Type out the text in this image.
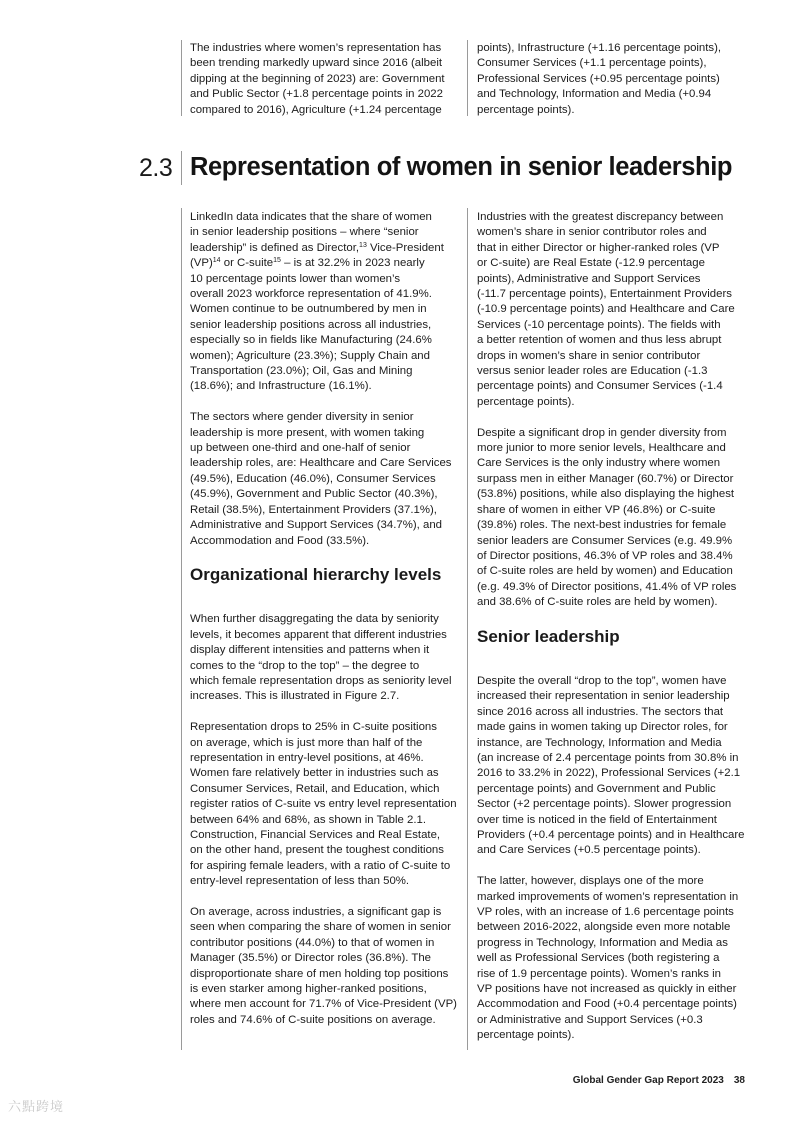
The industries where women’s representation has
been trending markedly upward since 2016 (albeit
dipping at the beginning of 2023) are: Government
and Public Sector (+1.8 percentage points in 2022
compared to 2016), Agriculture (+1.24 percentage

points), Infrastructure (+1.16 percentage points),
Consumer Services (+1.1 percentage points),
Professional Services (+0.95 percentage points)
and Technology, Information and Media (+0.94
percentage points).

2.3 Representation of women in senior leadership

LinkedIn data indicates that the share of women
in senior leadership positions – where “senior
leadership” is defined as Director,$^{13}$ Vice-President
(VP)$^{14}$ or C-suite$^{15}$ – is at 32.2% in 2023 nearly
10 percentage points lower than women’s
overall 2023 workforce representation of 41.9%.
Women continue to be outnumbered by men in
senior leadership positions across all industries,
especially so in fields like Manufacturing (24.6%
women); Agriculture (23.3%); Supply Chain and
Transportation (23.0%); Oil, Gas and Mining
(18.6%); and Infrastructure (16.1%).

The sectors where gender diversity in senior
leadership is more present, with women taking
up between one-third and one-half of senior
leadership roles, are: Healthcare and Care Services
(49.5%), Education (46.0%), Consumer Services
(45.9%), Government and Public Sector (40.3%),
Retail (38.5%), Entertainment Providers (37.1%),
Administrative and Support Services (34.7%), and
Accommodation and Food (33.5%).

Organizational hierarchy levels

When further disaggregating the data by seniority
levels, it becomes apparent that different industries
display different intensities and patterns when it
comes to the “drop to the top” – the degree to
which female representation drops as seniority level
increases. This is illustrated in Figure 2.7.

Representation drops to 25% in C-suite positions
on average, which is just more than half of the
representation in entry-level positions, at 46%.
Women fare relatively better in industries such as
Consumer Services, Retail, and Education, which
register ratios of C-suite vs entry level representation
between 64% and 68%, as shown in Table 2.1.
Construction, Financial Services and Real Estate,
on the other hand, present the toughest conditions
for aspiring female leaders, with a ratio of C-suite to
entry-level representation of less than 50%.

On average, across industries, a significant gap is
seen when comparing the share of women in senior
contributor positions (44.0%) to that of women in
Manager (35.5%) or Director roles (36.8%). The
disproportionate share of men holding top positions
is even starker among higher-ranked positions,
where men account for 71.7% of Vice-President (VP)
roles and 74.6% of C-suite positions on average.

Industries with the greatest discrepancy between
women’s share in senior contributor roles and
that in either Director or higher-ranked roles (VP
or C-suite) are Real Estate (-12.9 percentage
points), Administrative and Support Services
(-11.7 percentage points), Entertainment Providers
(-10.9 percentage points) and Healthcare and Care
Services (-10 percentage points). The fields with
a better retention of women and thus less abrupt
drops in women’s share in senior contributor
versus senior leader roles are Education (-1.3
percentage points) and Consumer Services (-1.4
percentage points).

Despite a significant drop in gender diversity from
more junior to more senior levels, Healthcare and
Care Services is the only industry where women
surpass men in either Manager (60.7%) or Director
(53.8%) positions, while also displaying the highest
share of women in either VP (46.8%) or C-suite
(39.8%) roles. The next-best industries for female
senior leaders are Consumer Services (e.g. 49.9%
of Director positions, 46.3% of VP roles and 38.4%
of C-suite roles are held by women) and Education
(e.g. 49.3% of Director positions, 41.4% of VP roles
and 38.6% of C-suite roles are held by women).

Senior leadership

Despite the overall “drop to the top”, women have
increased their representation in senior leadership
since 2016 across all industries. The sectors that
made gains in women taking up Director roles, for
instance, are Technology, Information and Media
(an increase of 2.4 percentage points from 30.8% in
2016 to 33.2% in 2022), Professional Services (+2.1
percentage points) and Government and Public
Sector (+2 percentage points). Slower progression
over time is noticed in the field of Entertainment
Providers (+0.4 percentage points) and in Healthcare
and Care Services (+0.5 percentage points).

The latter, however, displays one of the more
marked improvements of women’s representation in
VP roles, with an increase of 1.6 percentage points
between 2016-2022, alongside even more notable
progress in Technology, Information and Media as
well as Professional Services (both registering a
rise of 1.9 percentage points). Women’s ranks in
VP positions have not increased as quickly in either
Accommodation and Food (+0.4 percentage points)
or Administrative and Support Services (+0.3
percentage points).

Global Gender Gap Report 2023 38
六點跨境
